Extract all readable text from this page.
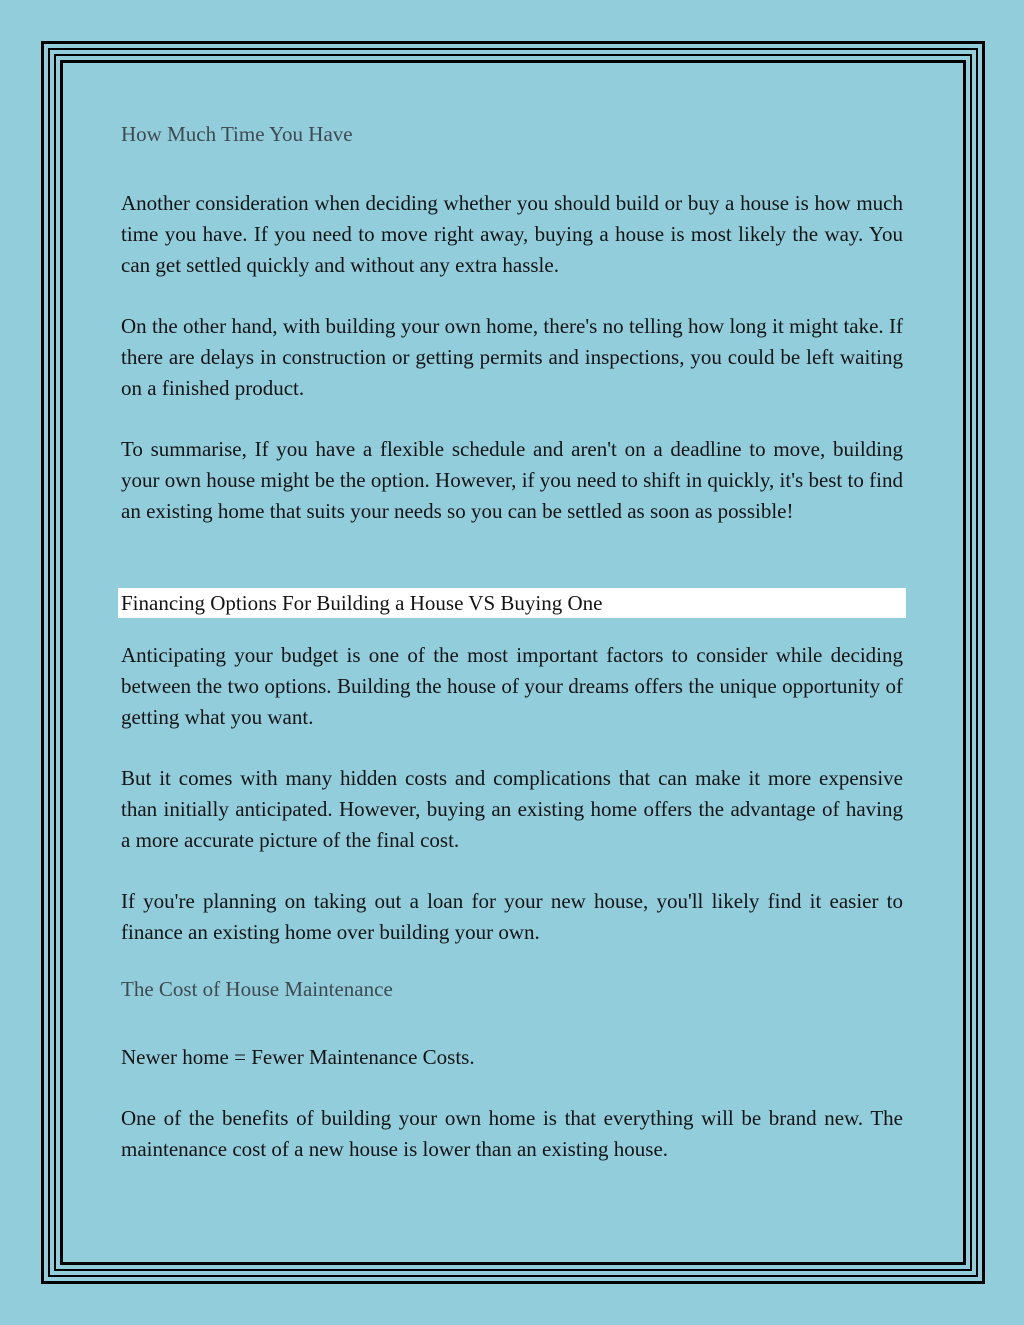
Financing Options For Building a House VS Buying One
How Much Time You Have

Another consideration when deciding whether you should build or buy a house is how much time you have. If you need to move right away, buying a house is most likely the way. You can get settled quickly and without any extra hassle.

On the other hand, with building your own home, there's no telling how long it might take. If there are delays in construction or getting permits and inspections, you could be left waiting on a finished product.

To summarise, If you have a flexible schedule and aren't on a deadline to move, building your own house might be the option. However, if you need to shift in quickly, it's best to find an existing home that suits your needs so you can be settled as soon as possible!

Anticipating your budget is one of the most important factors to consider while deciding between the two options. Building the house of your dreams offers the unique opportunity of getting what you want.

But it comes with many hidden costs and complications that can make it more expensive than initially anticipated. However, buying an existing home offers the advantage of having a more accurate picture of the final cost.

If you're planning on taking out a loan for your new house, you'll likely find it easier to finance an existing home over building your own.

The Cost of House Maintenance
Newer home = Fewer Maintenance Costs.

One of the benefits of building your own home is that everything will be brand new. The maintenance cost of a new house is lower than an existing house.
